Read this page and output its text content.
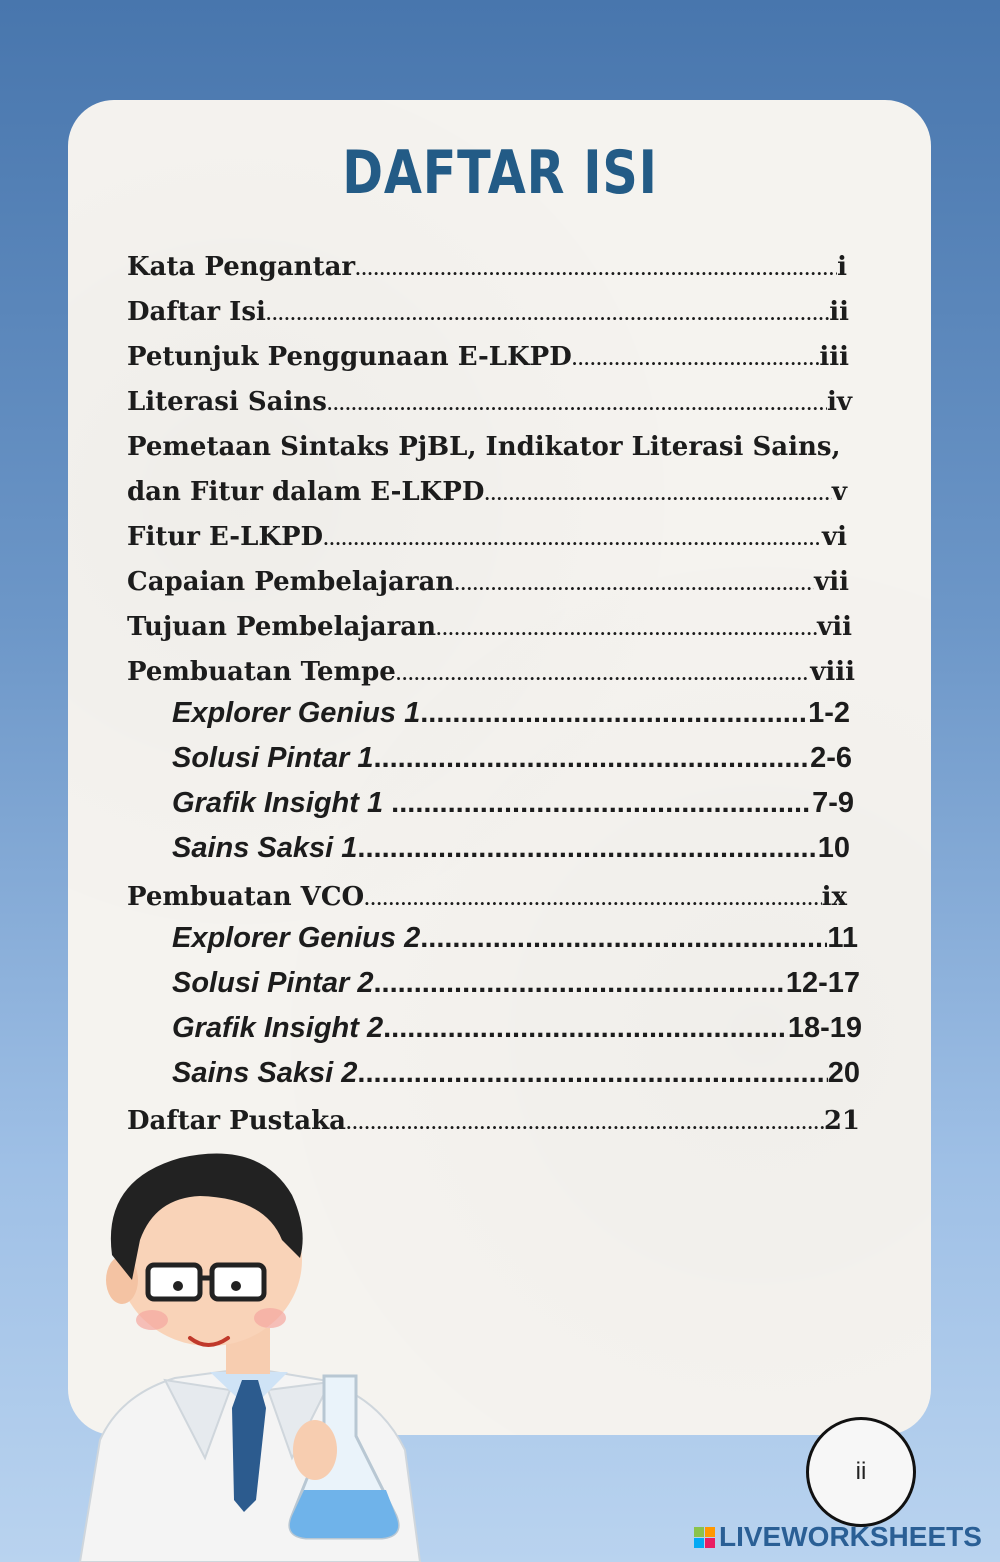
DAFTAR ISI
Kata Pengantar .....	i
Daftar Isi .....	ii
Petunjuk Penggunaan E-LKPD .....	iii
Literasi Sains .....	iv
Pemetaan Sintaks PjBL, Indikator Literasi Sains,
dan Fitur dalam E-LKPD .....	v
Fitur E-LKPD .....	vi
Capaian Pembelajaran .....	vii
Tujuan Pembelajaran .....	vii
Pembuatan Tempe .....	viii
Explorer Genius 1 .....	1-2
Solusi Pintar 1 .....	2-6
Grafik Insight 1 .....	7-9
Sains Saksi 1 .....	10
Pembuatan VCO .....	ix
Explorer Genius 2 .....	11
Solusi Pintar 2 .....	12-17
Grafik Insight 2 .....	18-19
Sains Saksi 2 .....	20
Daftar Pustaka .....	21
ii
LIVEWORKSHEETS
